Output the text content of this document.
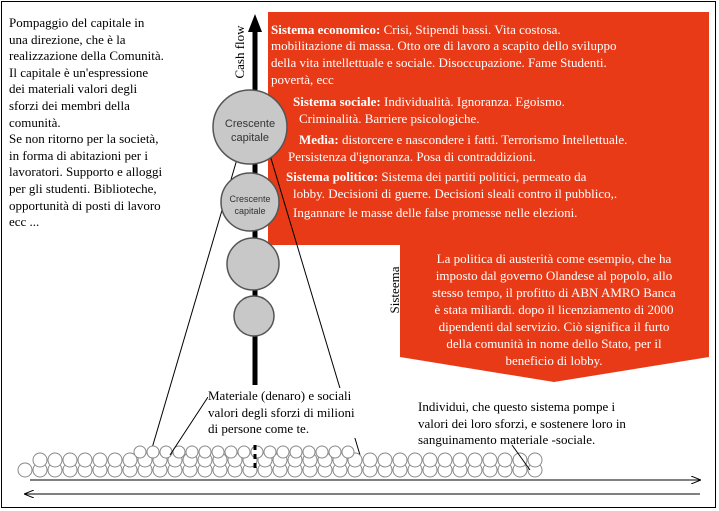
Pompaggio del capitale in
una direzione, che è la
realizzazione della Comunità.
Il capitale è un'espressione
dei materiali valori degli
sforzi dei membri della
comunità.
Se non ritorno per la società,
in forma di abitazioni per i
lavoratori. Supporto e alloggi
per gli studenti. Biblioteche,
opportunità di posti di lavoro
ecc ...
Sistema economico: Crisi, Stipendi bassi. Vita costosa.
mobilitazione di massa. Otto ore di lavoro a scapito dello sviluppo
della vita intellettuale e sociale. Disoccupazione. Fame Studenti.
povertà, ecc
Sistema sociale: Individualità. Ignoranza. Egoismo.
Criminalità. Barriere psicologiche.
Media: distorcere e nascondere i fatti. Terrorismo Intellettuale.
Persistenza d'ignoranza. Posa di contraddizioni.
Sistema politico: Sistema dei partiti politici, permeato da
lobby. Decisioni di guerre. Decisioni sleali contro il pubblico,.
Ingannare le masse delle false promesse nelle elezioni.
La politica di austerità come esempio, che ha
imposto dal governo Olandese al popolo, allo
stesso tempo, il profitto di ABN AMRO Banca
è stata miliardi. dopo il licenziamento di 2000
dipendenti dal servizio. Ciò significa il furto
della comunità in nome dello Stato, per il
beneficio di lobby.
Crescente
capitale
Crescente
capitale
Cash flow
Sisteema
Materiale (denaro) e sociali
valori degli sforzi di milioni
di persone come te.
Individui, che questo sistema pompe i
valori dei loro sforzi, e sostenere loro in
sanguinamento materiale -sociale.
